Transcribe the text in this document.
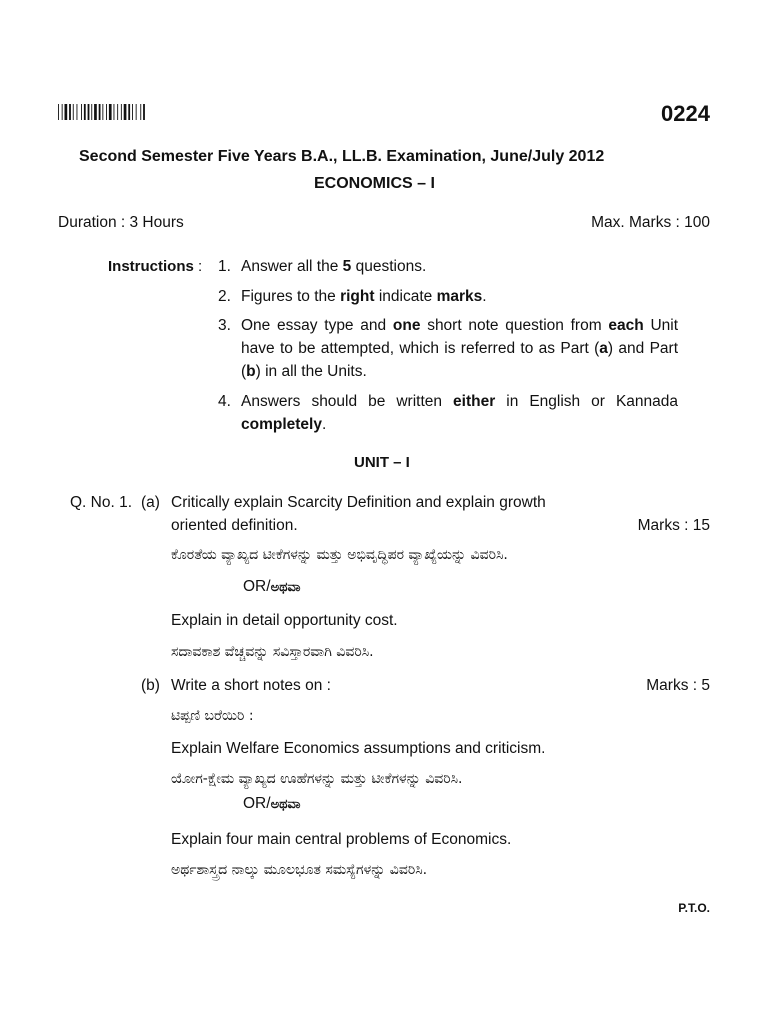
0224
Second Semester Five Years B.A., LL.B. Examination, June/July 2012
ECONOMICS – I
Duration : 3 Hours	Max. Marks : 100
Instructions : 1. Answer all the 5 questions.
2. Figures to the right indicate marks.
3. One essay type and one short note question from each Unit have to be attempted, which is referred to as Part (a) and Part (b) in all the Units.
4. Answers should be written either in English or Kannada completely.
UNIT – I
Q. No. 1. (a) Critically explain Scarcity Definition and explain growth
oriented definition.	Marks : 15
ಕೊರತೆಯ ವ್ಯಾಖ್ಯದ ಟೀಕೆಗಳನ್ನು ಮತ್ತು ಅಭಿವೃದ್ಧಿಪರ ವ್ಯಾಖ್ಯೆಯನ್ನು ವಿವರಿಸಿ.
OR/ಅಥವಾ
Explain in detail opportunity cost.
ಸದಾವಕಾಶ ವೆಚ್ಚವನ್ನು ಸವಿಸ್ತಾರವಾಗಿ ವಿವರಿಸಿ.
(b) Write a short notes on :	Marks : 5
ಟಿಪ್ಪಣಿ ಬರೆಯಿರಿ :
Explain Welfare Economics assumptions and criticism.
ಯೋಗ-ಕ್ಷೇಮ ವ್ಯಾಖ್ಯದ ಊಹೆಗಳನ್ನು ಮತ್ತು ಟೀಕೆಗಳನ್ನು ವಿವರಿಸಿ.
OR/ಅಥವಾ
Explain four main central problems of Economics.
ಅರ್ಥಶಾಸ್ತ್ರದ ನಾಲ್ಕು ಮೂಲಭೂತ ಸಮಸ್ಯೆಗಳನ್ನು ವಿವರಿಸಿ.
P.T.O.
